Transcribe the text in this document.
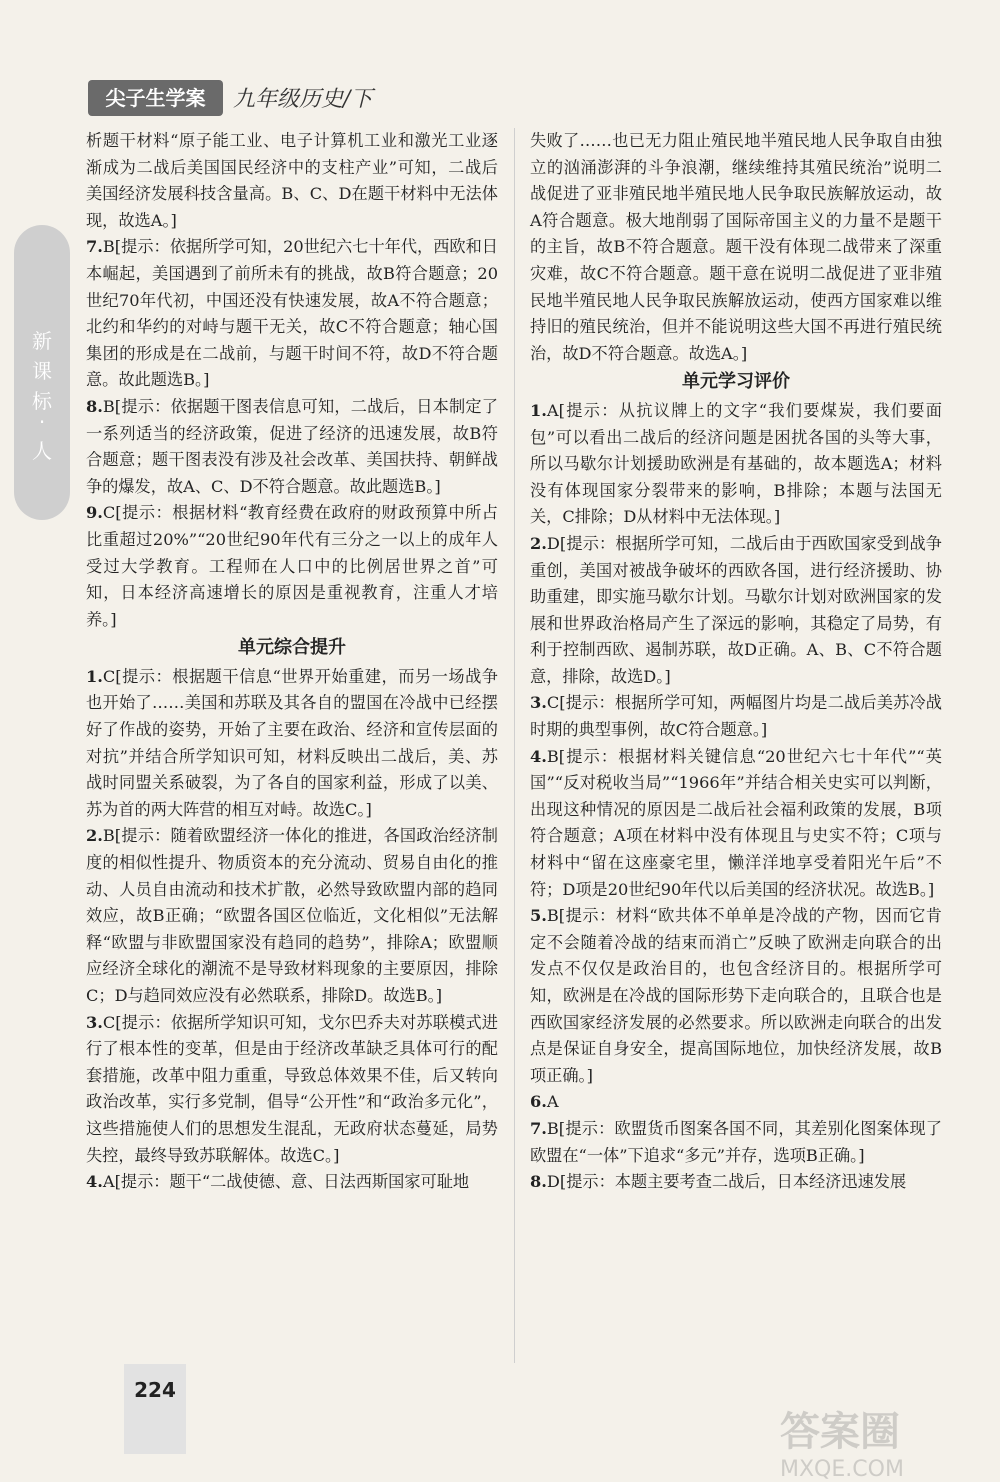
新
课
标
·
人
尖子生学案	九年级历史/下

析题干材料“原子能工业、电子计算机工业和激光工业逐渐成为二战后美国国民经济中的支柱产业”可知，二战后美国经济发展科技含量高。B、C、D在题干材料中无法体现，故选A。]

7.B[提示：依据所学可知，20世纪六七十年代，西欧和日本崛起，美国遇到了前所未有的挑战，故B符合题意；20世纪70年代初，中国还没有快速发展，故A不符合题意；北约和华约的对峙与题干无关，故C不符合题意；轴心国集团的形成是在二战前，与题干时间不符，故D不符合题意。故此题选B。]

8.B[提示：依据题干图表信息可知，二战后，日本制定了一系列适当的经济政策，促进了经济的迅速发展，故B符合题意；题干图表没有涉及社会改革、美国扶持、朝鲜战争的爆发，故A、C、D不符合题意。故此题选B。]

9.C[提示：根据材料“教育经费在政府的财政预算中所占比重超过20%”“20世纪90年代有三分之一以上的成年人受过大学教育。工程师在人口中的比例居世界之首”可知，日本经济高速增长的原因是重视教育，注重人才培养。]

单元综合提升

1.C[提示：根据题干信息“世界开始重建，而另一场战争也开始了……美国和苏联及其各自的盟国在冷战中已经摆好了作战的姿势，开始了主要在政治、经济和宣传层面的对抗”并结合所学知识可知，材料反映出二战后，美、苏战时同盟关系破裂，为了各自的国家利益，形成了以美、苏为首的两大阵营的相互对峙。故选C。]

2.B[提示：随着欧盟经济一体化的推进，各国政治经济制度的相似性提升、物质资本的充分流动、贸易自由化的推动、人员自由流动和技术扩散，必然导致欧盟内部的趋同效应，故B正确；“欧盟各国区位临近，文化相似”无法解释“欧盟与非欧盟国家没有趋同的趋势”，排除A；欧盟顺应经济全球化的潮流不是导致材料现象的主要原因，排除C；D与趋同效应没有必然联系，排除D。故选B。]

3.C[提示：依据所学知识可知，戈尔巴乔夫对苏联模式进行了根本性的变革，但是由于经济改革缺乏具体可行的配套措施，改革中阻力重重，导致总体效果不佳，后又转向政治改革，实行多党制，倡导“公开性”和“政治多元化”，这些措施使人们的思想发生混乱，无政府状态蔓延，局势失控，最终导致苏联解体。故选C。]

4.A[提示：题干“二战使德、意、日法西斯国家可耻地

失败了……也已无力阻止殖民地半殖民地人民争取自由独立的汹涌澎湃的斗争浪潮，继续维持其殖民统治”说明二战促进了亚非殖民地半殖民地人民争取民族解放运动，故A符合题意。极大地削弱了国际帝国主义的力量不是题干的主旨，故B不符合题意。题干没有体现二战带来了深重灾难，故C不符合题意。题干意在说明二战促进了亚非殖民地半殖民地人民争取民族解放运动，使西方国家难以维持旧的殖民统治，但并不能说明这些大国不再进行殖民统治，故D不符合题意。故选A。]

单元学习评价

1.A[提示：从抗议牌上的文字“我们要煤炭，我们要面包”可以看出二战后的经济问题是困扰各国的头等大事，所以马歇尔计划援助欧洲是有基础的，故本题选A；材料没有体现国家分裂带来的影响，B排除；本题与法国无关，C排除；D从材料中无法体现。]

2.D[提示：根据所学可知，二战后由于西欧国家受到战争重创，美国对被战争破坏的西欧各国，进行经济援助、协助重建，即实施马歇尔计划。马歇尔计划对欧洲国家的发展和世界政治格局产生了深远的影响，其稳定了局势，有利于控制西欧、遏制苏联，故D正确。A、B、C不符合题意，排除，故选D。]

3.C[提示：根据所学可知，两幅图片均是二战后美苏冷战时期的典型事例，故C符合题意。]

4.B[提示：根据材料关键信息“20世纪六七十年代”“英国”“反对税收当局”“1966年”并结合相关史实可以判断，出现这种情况的原因是二战后社会福利政策的发展，B项符合题意；A项在材料中没有体现且与史实不符；C项与材料中“留在这座豪宅里，懒洋洋地享受着阳光午后”不符；D项是20世纪90年代以后美国的经济状况。故选B。]

5.B[提示：材料“欧共体不单单是冷战的产物，因而它肯定不会随着冷战的结束而消亡”反映了欧洲走向联合的出发点不仅仅是政治目的，也包含经济目的。根据所学可知，欧洲是在冷战的国际形势下走向联合的，且联合也是西欧国家经济发展的必然要求。所以欧洲走向联合的出发点是保证自身安全，提高国际地位，加快经济发展，故B项正确。]

6.A

7.B[提示：欧盟货币图案各国不同，其差别化图案体现了欧盟在“一体”下追求“多元”并存，选项B正确。]

8.D[提示：本题主要考查二战后，日本经济迅速发展

224
答案圈
MXQE.COM
